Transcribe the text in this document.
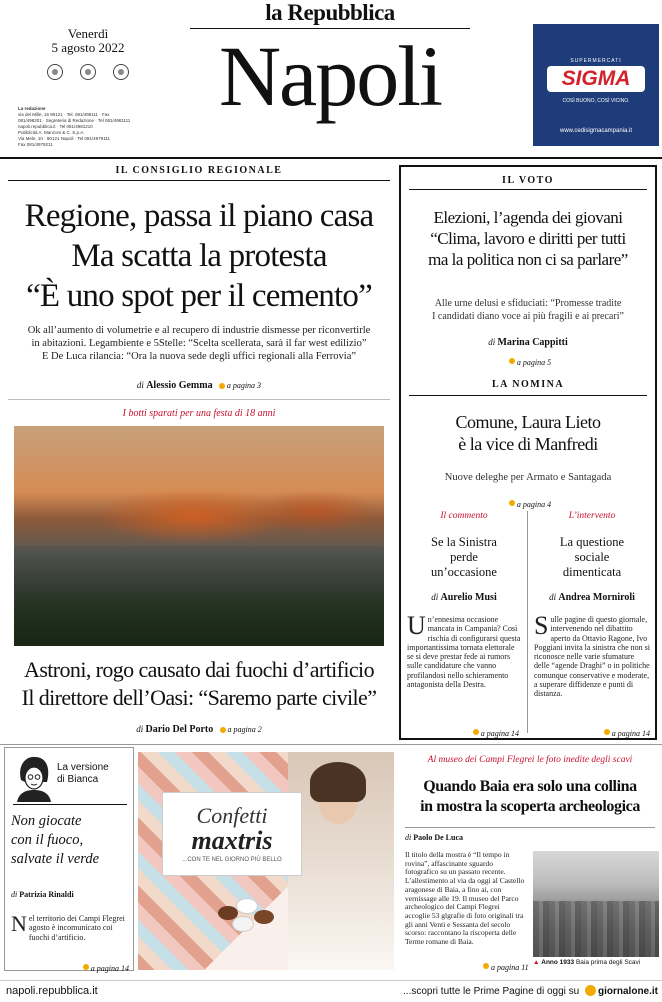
la Repubblica
Napoli
Venerdì
5 agosto 2022

La redazione
via del Mille, 16 80121 · Tel. 081/498111 · Fax
081/498201 · Segreteria di Redazione · Tel 081/4981111
napoli.repubblica.it · Tel 081/4981210
Pubblicità A. Manzoni & C. S.p.A.
Via Mele, 10 · 80121 Napoli · Tel 081/4979111
Fax 081/4979211
SUPERMERCATI
SIGMA
COSÌ BUONO, COSÌ VICINO.
www.cedisigmacampania.it
IL CONSIGLIO REGIONALE
Regione, passa il piano casa
Ma scatta la protesta
“È uno spot per il cemento”
Ok all’aumento di volumetrie e al recupero di industrie dismesse per riconvertirle
in abitazioni. Legambiente e 5Stelle: “Scelta scellerata, sarà il far west edilizio”
E De Luca rilancia: “Ora la nuova sede degli uffici regionali alla Ferrovia”
di Alessio Gemma a pagina 3
I botti sparati per una festa di 18 anni
Astroni, rogo causato dai fuochi d’artificio
Il direttore dell’Oasi: “Saremo parte civile”
di Dario Del Porto a pagina 2
IL VOTO
Elezioni, l’agenda dei giovani
“Clima, lavoro e diritti per tutti
ma la politica non ci sa parlare”
Alle urne delusi e sfiduciati: “Promesse tradite
I candidati diano voce ai più fragili e ai precari”
di Marina Cappitti
a pagina 5
LA NOMINA
Comune, Laura Lieto
è la vice di Manfredi
Nuove deleghe per Armato e Santagada
a pagina 4
Il commento
Se la Sinistra
perde
un’occasione
di Aurelio Musi
Un’ennesima occasione mancata in Campania? Così rischia di configurarsi questa importantissima tornata elettorale se si deve prestar fede ai rumors sulle candidature che vanno profilandosi nello schieramento antagonista della Destra.
a pagina 14
L’intervento
La questione
sociale
dimenticata
di Andrea Morniroli
Sulle pagine di questo giornale, intervenendo nel dibattito aperto da Ottavio Ragone, Ivo Poggiani invita la sinistra che non si riconosce nelle varie sfumature delle “agende Draghi” o in politiche comunque conservative e moderate, a superare diffidenze e punti di distanza.
a pagina 14
La versione
di Bianca
Non giocate
con il fuoco,
salvate il verde
di Patrizia Rinaldi
Nel territorio dei Campi Flegrei agosto è incomunicato coi fuochi d’artificio.
a pagina 14
Confetti
maxtris
...CON TE NEL GIORNO PIÙ BELLO
Al museo dei Campi Flegrei le foto inedite degli scavi
Quando Baia era solo una collina
in mostra la scoperta archeologica
di Paolo De Luca
Il titolo della mostra è “Il tempo in rovina”, affascinante sguardo fotografico su un passato recente. L’allestimento al via da oggi al Castello aragonese di Baia, a fino ai, con vernissage alle 19. Il museo del Parco archeologico dei Campi Flegrei accoglie 53 glgrafie di foto originali tra gli anni Venti e Sessanta del secolo scorso: raccontano la riscoperta delle Terme romane di Baia.
a pagina 11
▲ Anno 1933 Baia prima degli Scavi
napoli.repubblica.it	...scopri tutte le Prime Pagine di oggi su giornalone.it
